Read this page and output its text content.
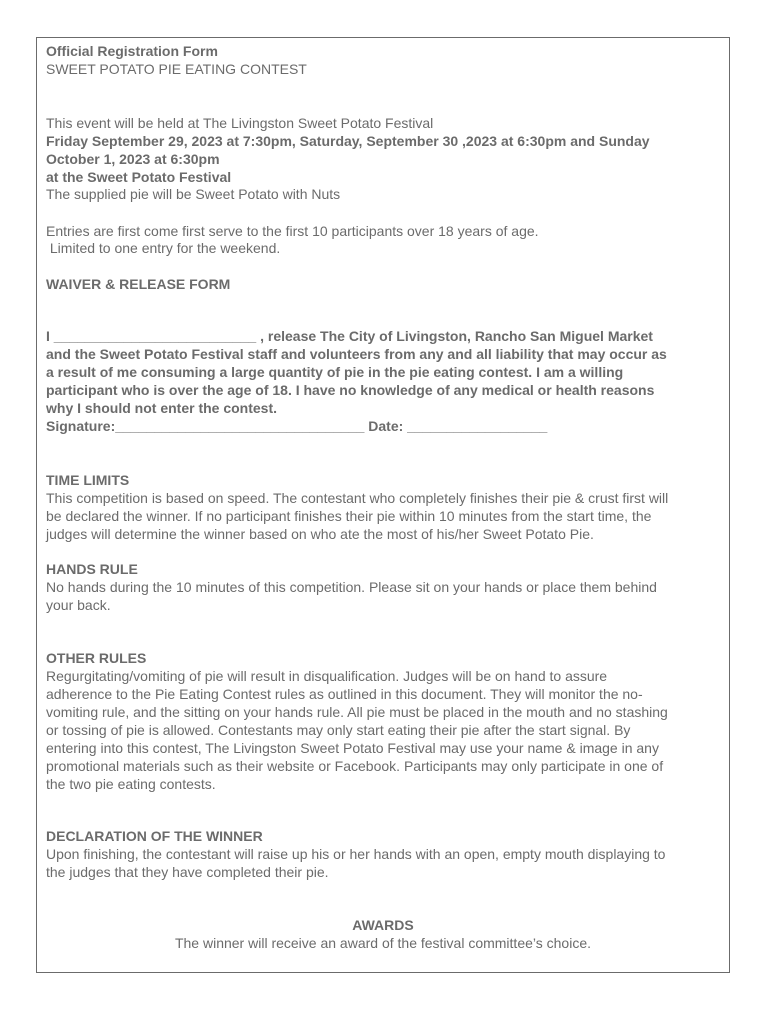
Official Registration Form
SWEET POTATO PIE EATING CONTEST
This event will be held at The Livingston Sweet Potato Festival
Friday September 29, 2023 at 7:30pm, Saturday, September 30 ,2023 at 6:30pm and Sunday
October 1, 2023 at 6:30pm
at the Sweet Potato Festival
The supplied pie will be Sweet Potato with Nuts
Entries are first come first serve to the first 10 participants over 18 years of age.
Limited to one entry for the weekend.
WAIVER & RELEASE FORM
I __________________________ , release The City of Livingston, Rancho San Miguel Market
and the Sweet Potato Festival staff and volunteers from any and all liability that may occur as
a result of me consuming a large quantity of pie in the pie eating contest. I am a willing
participant who is over the age of 18. I have no knowledge of any medical or health reasons
why I should not enter the contest.
Signature:________________________________ Date: __________________
TIME LIMITS
This competition is based on speed. The contestant who completely finishes their pie & crust first will
be declared the winner. If no participant finishes their pie within 10 minutes from the start time, the
judges will determine the winner based on who ate the most of his/her Sweet Potato Pie.
HANDS RULE
No hands during the 10 minutes of this competition. Please sit on your hands or place them behind
your back.
OTHER RULES
Regurgitating/vomiting of pie will result in disqualification. Judges will be on hand to assure
adherence to the Pie Eating Contest rules as outlined in this document. They will monitor the no-
vomiting rule, and the sitting on your hands rule. All pie must be placed in the mouth and no stashing
or tossing of pie is allowed. Contestants may only start eating their pie after the start signal. By
entering into this contest, The Livingston Sweet Potato Festival may use your name & image in any
promotional materials such as their website or Facebook. Participants may only participate in one of
the two pie eating contests.
DECLARATION OF THE WINNER
Upon finishing, the contestant will raise up his or her hands with an open, empty mouth displaying to
the judges that they have completed their pie.
AWARDS
The winner will receive an award of the festival committee’s choice.
